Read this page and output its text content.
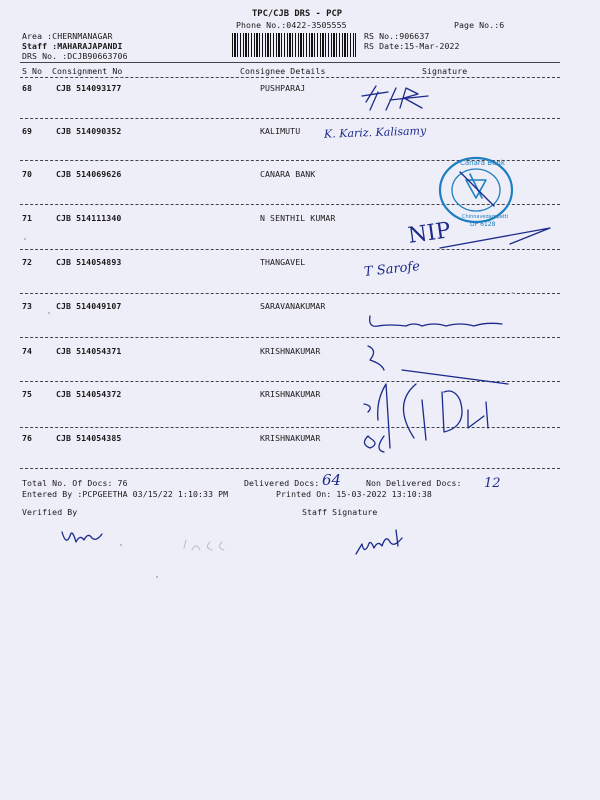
TPC/CJB DRS - PCP
Phone No.:0422-3505555	Page No.:6
Area :CHERNMANAGAR
Staff :MAHARAJAPANDI
DRS No. :DCJB90663706
RS No.:906637
RS Date:15-Mar-2022
S No Consignment No	Consignee Details	Signature
68	CJB 514093177	PUSHPARAJ
69	CJB 514090352	KALIMUTU
70	CJB 514069626	CANARA BANK
71	CJB 514111340	N SENTHIL KUMAR
72	CJB 514054893	THANGAVEL
73	CJB 514049107	SARAVANAKUMAR
74	CJB 514054371	KRISHNAKUMAR
75	CJB 514054372	KRISHNAKUMAR
76	CJB 514054385	KRISHNAKUMAR
Total No. Of Docs: 76	Delivered Docs: 64	Non Delivered Docs: 12
Entered By :PCPGEETHA 03/15/22 1:10:33 PM	Printed On: 15-03-2022 13:10:38
Verified By	Staff Signature
K. Kariz. Kalisamy
Canara Bank
Chinnavedampatti
DP 6128
NIP
T Sarofe
